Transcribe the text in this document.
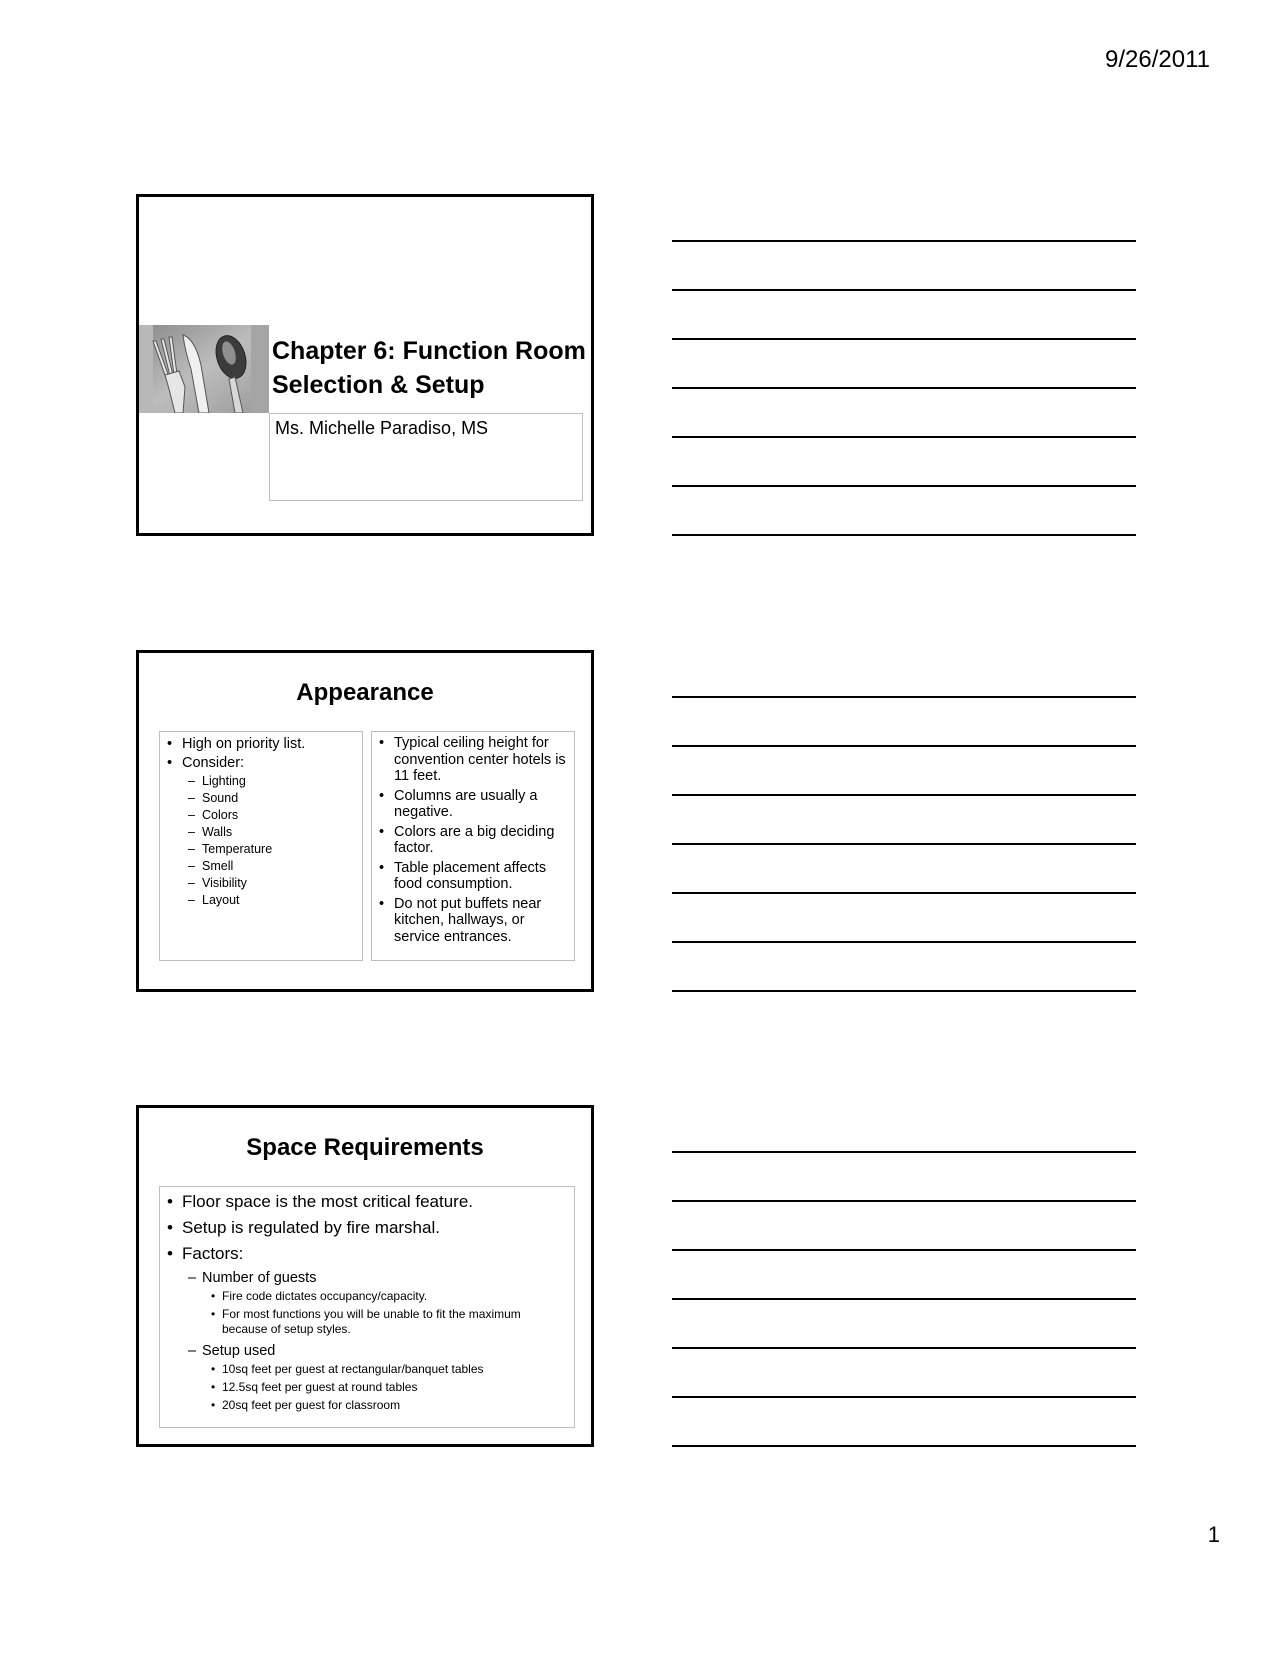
9/26/2011
Chapter 6: Function Room Selection & Setup
Ms. Michelle Paradiso, MS
Appearance
• High on priority list.
• Consider:
– Lighting
– Sound
– Colors
– Walls
– Temperature
– Smell
– Visibility
– Layout
• Typical ceiling height for convention center hotels is 11 feet.
• Columns are usually a negative.
• Colors are a big deciding factor.
• Table placement affects food consumption.
• Do not put buffets near kitchen, hallways, or service entrances.
Space Requirements
• Floor space is the most critical feature.
• Setup is regulated by fire marshal.
• Factors:
– Number of guests
• Fire code dictates occupancy/capacity.
• For most functions you will be unable to fit the maximum because of setup styles.
– Setup used
• 10sq feet per guest at rectangular/banquet tables
• 12.5sq feet per guest at round tables
• 20sq feet per guest for classroom
1
